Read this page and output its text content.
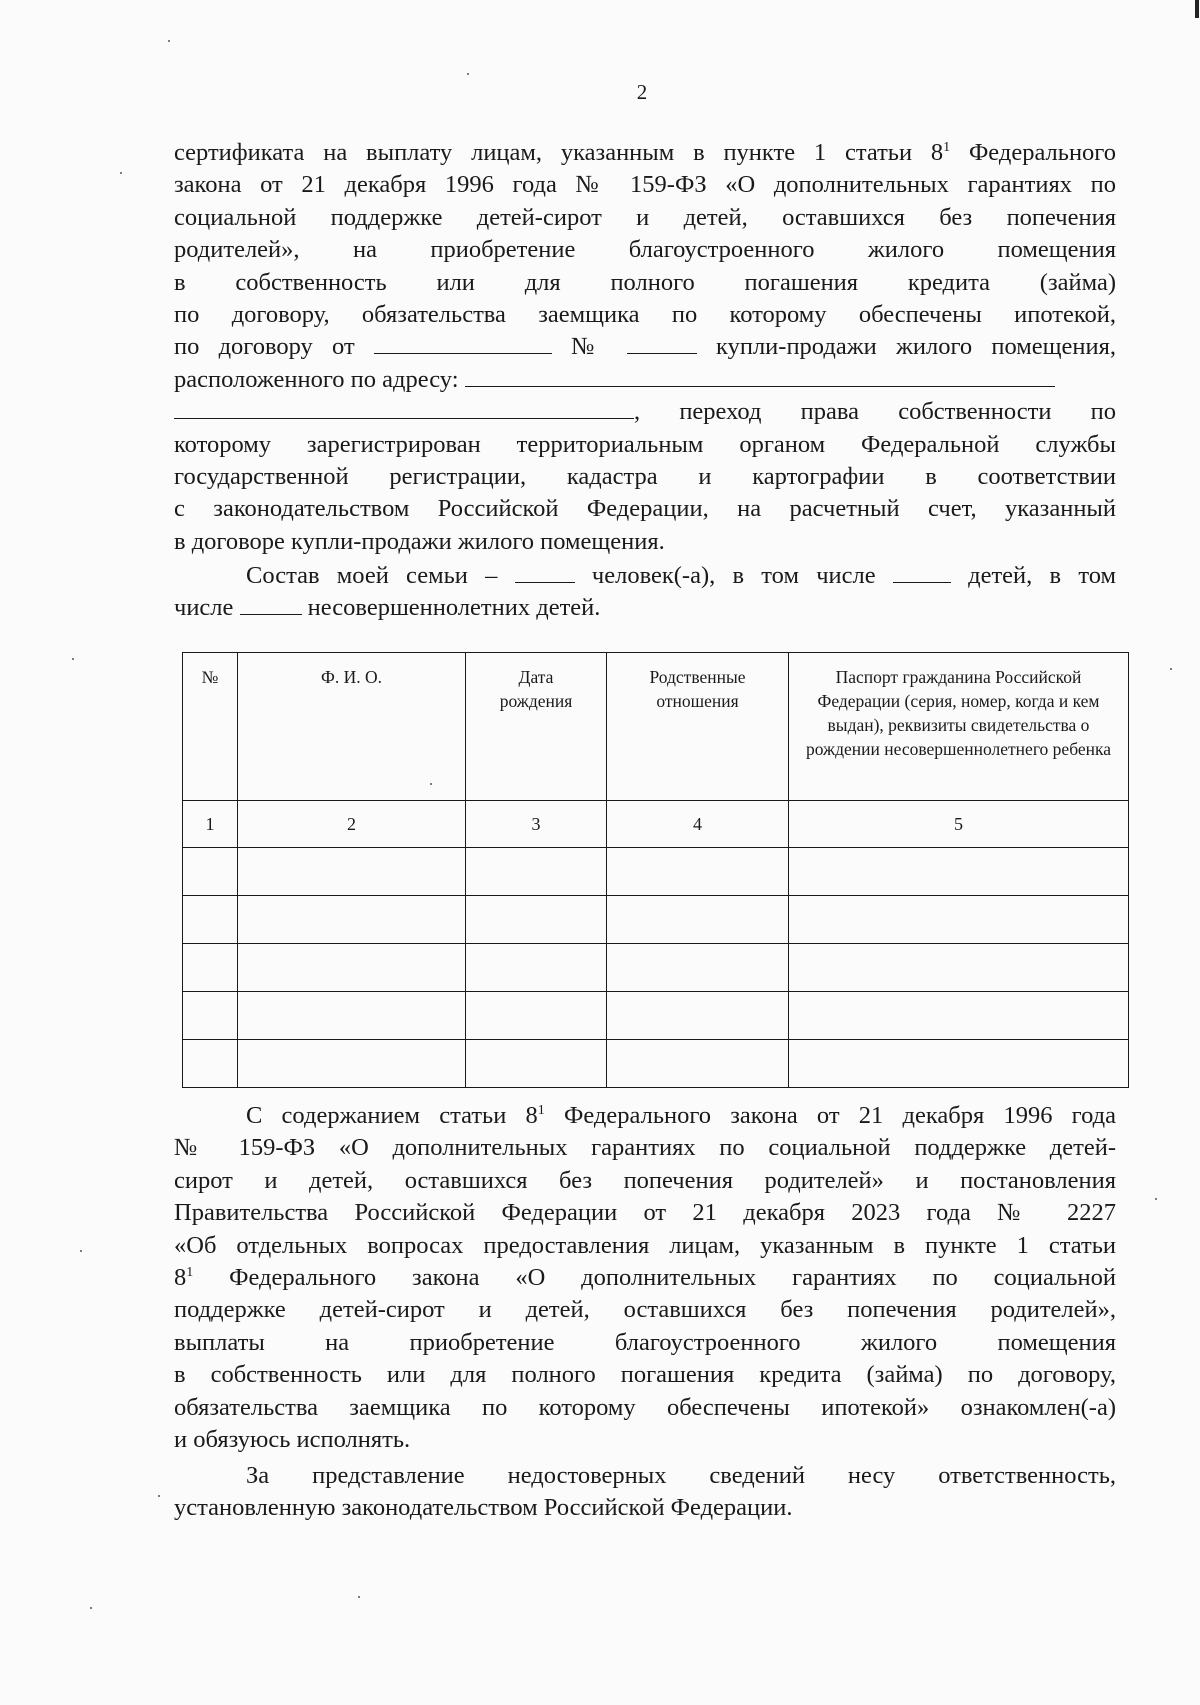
2
сертификата на выплату лицам, указанным в пункте 1 статьи $8^1$ Федерального
закона от 21 декабря 1996 года № 159-ФЗ «О дополнительных гарантиях по
социальной поддержке детей-сирот и детей, оставшихся без попечения
родителей», на приобретение благоустроенного жилого помещения
в собственность или для полного погашения кредита (займа)
по договору, обязательства заемщика по которому обеспечены ипотекой,
по договору от	№	купли-продажи жилого помещения,
расположенного по адресу:
, переход права собственности по
которому зарегистрирован территориальным органом Федеральной службы
государственной регистрации, кадастра и картографии в соответствии
с законодательством Российской Федерации, на расчетный счет, указанный
в договоре купли-продажи жилого помещения.
Состав моей семьи –	человек(-а), в том числе	детей, в том
числе	несовершеннолетних детей.
№	Ф. И. О.	Дата рождения	Родственные отношения	Паспорт гражданина Российской Федерации (серия, номер, когда и кем выдан), реквизиты свидетельства о рождении несовершеннолетнего ребенка
1	2	3	4	5

С содержанием статьи $8^1$ Федерального закона от 21 декабря 1996 года
№ 159-ФЗ «О дополнительных гарантиях по социальной поддержке детей-
сирот и детей, оставшихся без попечения родителей» и постановления
Правительства Российской Федерации от 21 декабря 2023 года № 2227
«Об отдельных вопросах предоставления лицам, указанным в пункте 1 статьи
$8^1$ Федерального закона «О дополнительных гарантиях по социальной
поддержке детей-сирот и детей, оставшихся без попечения родителей»,
выплаты на приобретение благоустроенного жилого помещения
в собственность или для полного погашения кредита (займа) по договору,
обязательства заемщика по которому обеспечены ипотекой» ознакомлен(-а)
и обязуюсь исполнять.
За представление недостоверных сведений несу ответственность,
установленную законодательством Российской Федерации.
